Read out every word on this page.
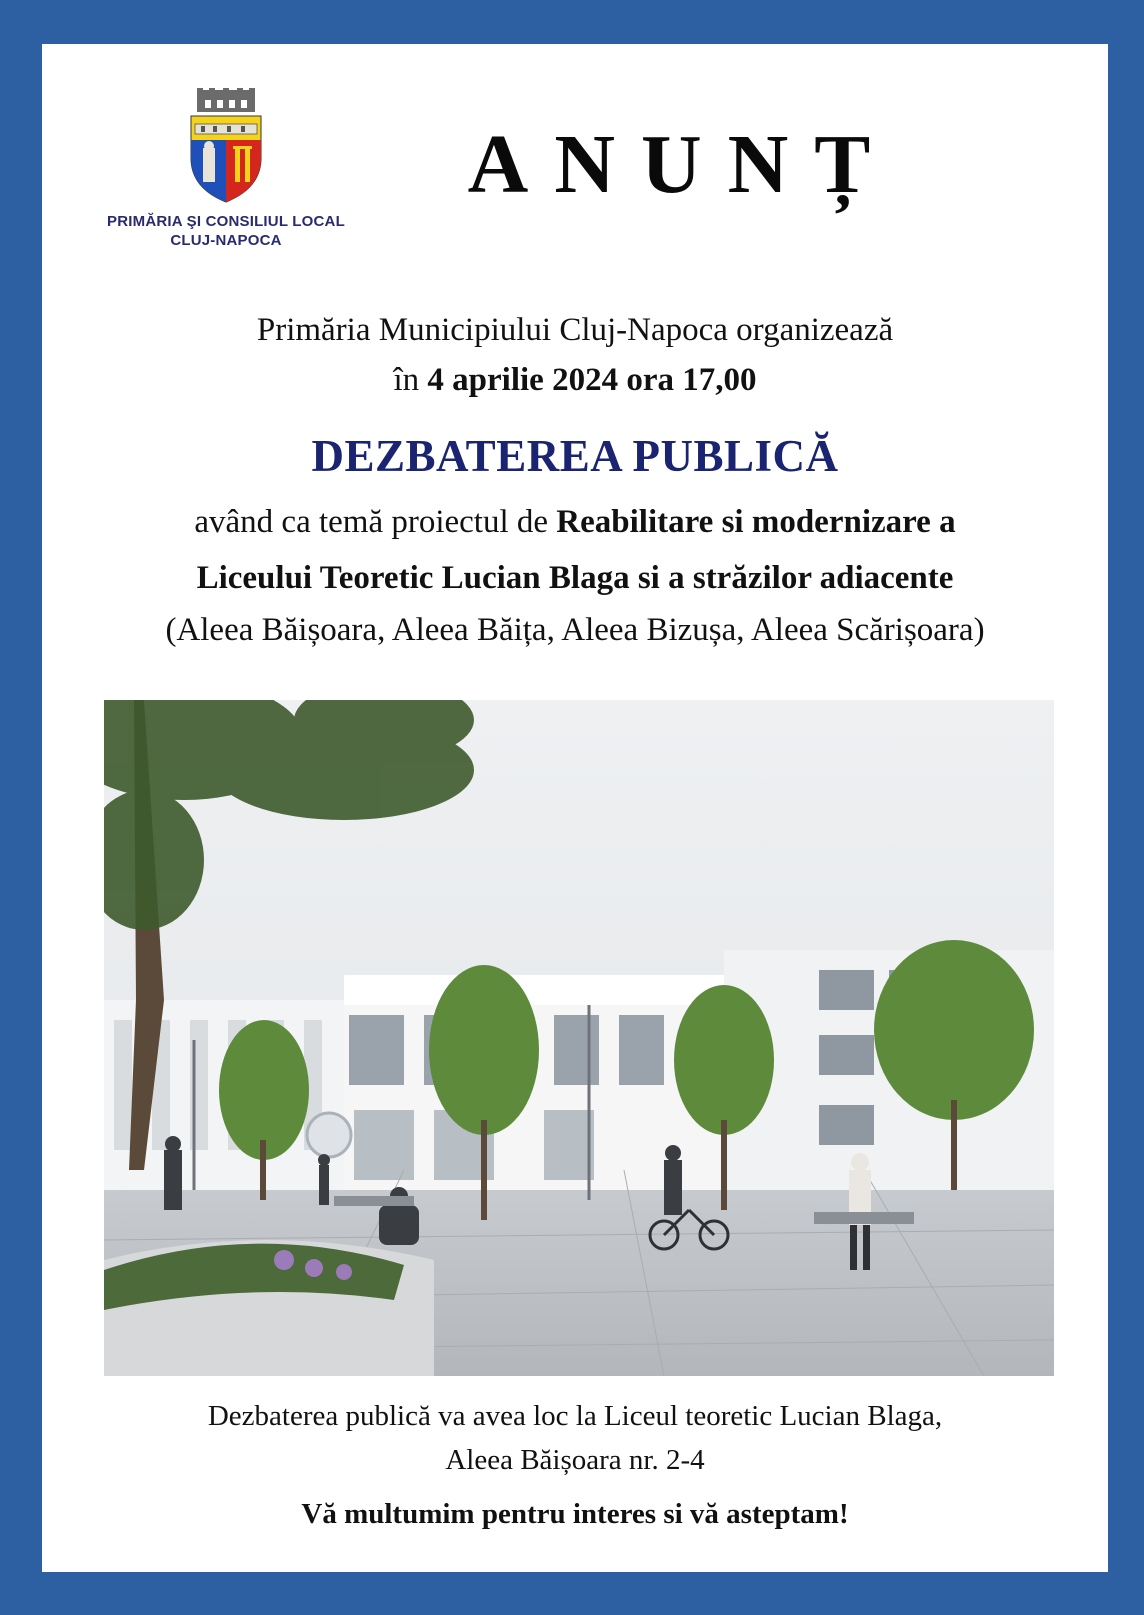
PRIMĂRIA ŞI CONSILIUL LOCAL
CLUJ-NAPOCA
ANUNȚ
Primăria Municipiului Cluj-Napoca organizează
în 4 aprilie 2024 ora 17,00
DEZBATEREA PUBLICĂ
având ca temă proiectul de Reabilitare si modernizare a
Liceului Teoretic Lucian Blaga si a străzilor adiacente
(Aleea Băișoara, Aleea Băița, Aleea Bizușa, Aleea Scărișoara)
Dezbaterea publică va avea loc la Liceul teoretic Lucian Blaga,
Aleea Băișoara nr. 2-4
Vă multumim pentru interes si vă asteptam!
